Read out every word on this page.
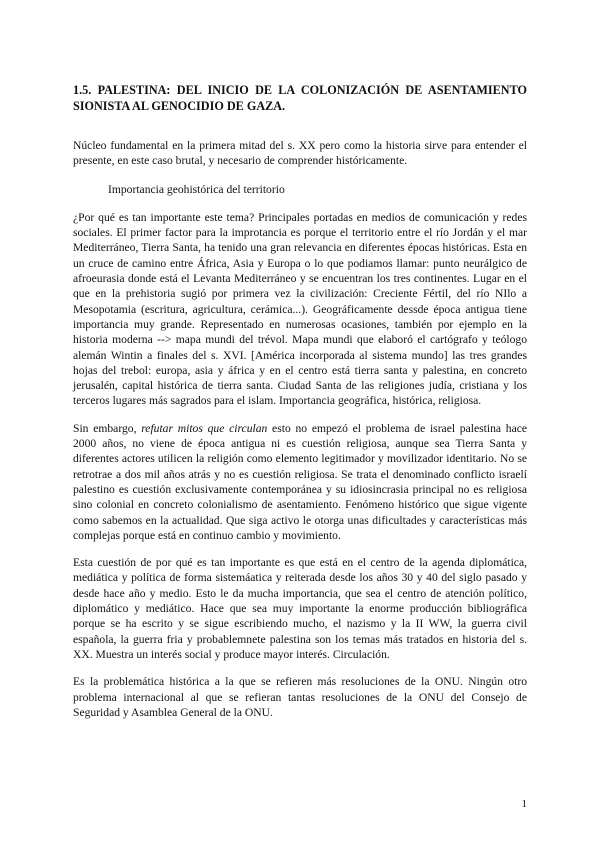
1.5. PALESTINA: DEL INICIO DE LA COLONIZACIÓN DE ASENTAMIENTO SIONISTA AL GENOCIDIO DE GAZA.

Núcleo fundamental en la primera mitad del s. XX pero como la historia sirve para entender el presente, en este caso brutal, y necesario de comprender históricamente.

Importancia geohistórica del territorio

¿Por qué es tan importante este tema? Principales portadas en medios de comunicación y redes sociales. El primer factor para la improtancia es porque el territorio entre el río Jordán y el mar Mediterráneo, Tierra Santa, ha tenido una gran relevancia en diferentes épocas históricas. Esta en un cruce de camino entre África, Asia y Europa o lo que podiamos llamar: punto neurálgico de afroeurasia donde está el Levanta Mediterráneo y se encuentran los tres continentes. Lugar en el que en la prehistoria sugió por primera vez la civilización: Creciente Fértil, del río NIlo a Mesopotamia (escritura, agricultura, cerámica...). Geográficamente dessde época antigua tiene importancia muy grande. Representado en numerosas ocasiones, también por ejemplo en la historia moderna --> mapa mundi del trévol. Mapa mundi que elaboró el cartógrafo y teólogo alemán Wintin a finales del s. XVI. [América incorporada al sistema mundo] las tres grandes hojas del trebol: europa, asia y áfrica y en el centro está tierra santa y palestina, en concreto jerusalén, capital histórica de tierra santa. Ciudad Santa de las religiones judía, cristiana y los terceros lugares más sagrados para el islam. Importancia geográfica, histórica, religiosa.

Sin embargo, refutar mitos que circulan esto no empezó el problema de israel palestina hace 2000 años, no viene de época antigua ni es cuestión religiosa, aunque sea Tierra Santa y diferentes actores utilicen la religión como elemento legitimador y movilizador identitario. No se retrotrae a dos mil años atrás y no es cuestión religiosa. Se trata el denominado conflicto israelí palestino es cuestión exclusivamente contemporánea y su idiosincrasia principal no es religiosa sino colonial en concreto colonialismo de asentamiento. Fenómeno histórico que sigue vigente como sabemos en la actualidad. Que siga activo le otorga unas dificultades y características más complejas porque está en continuo cambio y movimiento.

Esta cuestión de por qué es tan importante es que está en el centro de la agenda diplomática, mediática y política de forma sistemáatica y reiterada desde los años 30 y 40 del siglo pasado y desde hace año y medio. Esto le da mucha importancia, que sea el centro de atención político, diplomático y mediático. Hace que sea muy importante la enorme producción bibliográfica porque se ha escrito y se sigue escribiendo mucho, el nazismo y la II WW, la guerra civil española, la guerra fria y probablemnete palestina son los temas más tratados en historia del s. XX. Muestra un interés social y produce mayor interés. Circulación.

Es la problemática histórica a la que se refieren más resoluciones de la ONU. Ningún otro problema internacional al que se refieran tantas resoluciones de la ONU del Consejo de Seguridad y Asamblea General de la ONU.

1
